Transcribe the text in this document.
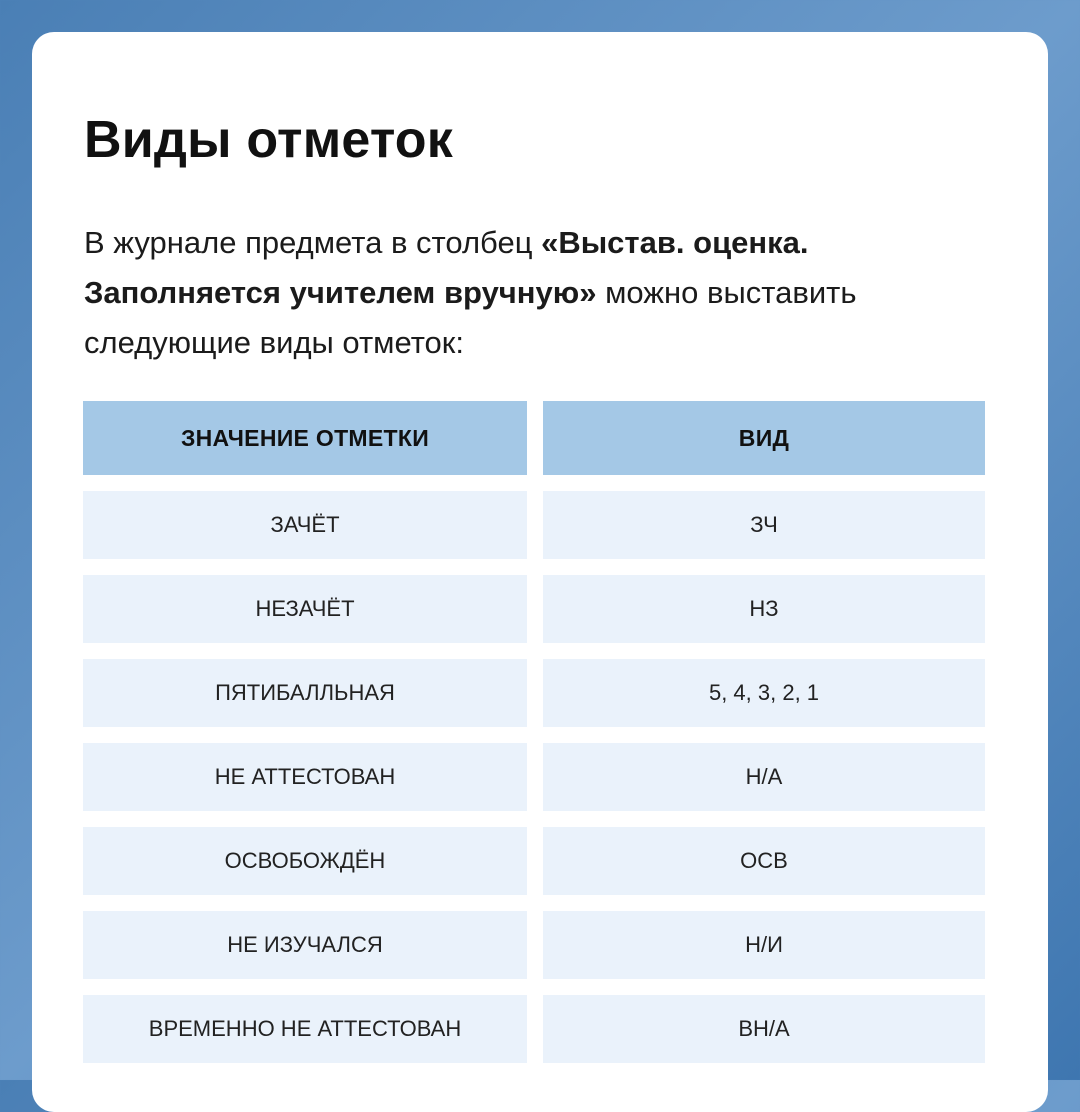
Виды отметок

В журнале предмета в столбец «Выстав. оценка. Заполняется учителем вручную» можно выставить следующие виды отметок:

ЗНАЧЕНИЕ ОТМЕТКИ	ВИД
ЗАЧЁТ	ЗЧ
НЕЗАЧЁТ	НЗ
ПЯТИБАЛЛЬНАЯ	5, 4, 3, 2, 1
НЕ АТТЕСТОВАН	Н/А
ОСВОБОЖДЁН	ОСВ
НЕ ИЗУЧАЛСЯ	Н/И
ВРЕМЕННО НЕ АТТЕСТОВАН	ВН/А
